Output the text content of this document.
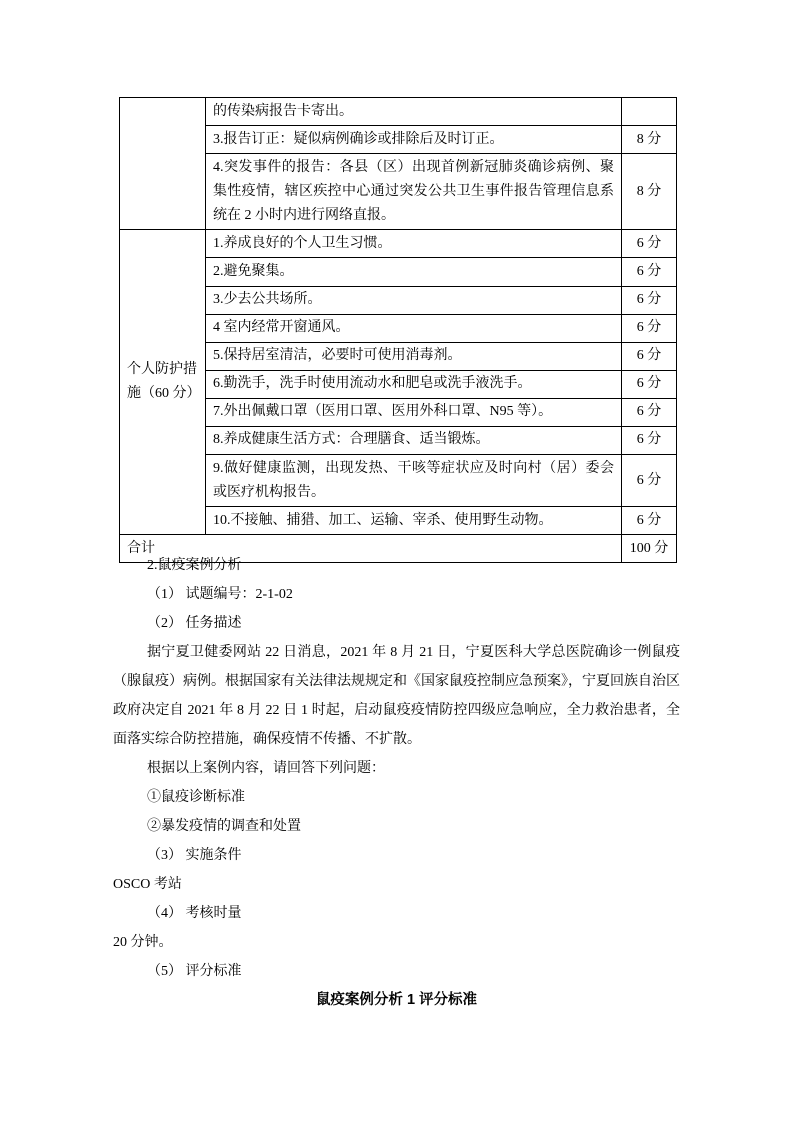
	的传染病报告卡寄出。	
	3.报告订正：疑似病例确诊或排除后及时订正。	8 分
	4.突发事件的报告：各县（区）出现首例新冠肺炎确诊病例、聚集性疫情，辖区疾控中心通过突发公共卫生事件报告管理信息系统在 2 小时内进行网络直报。	8 分
个人防护措施（60 分）	1.养成良好的个人卫生习惯。	6 分
	2.避免聚集。	6 分
	3.少去公共场所。	6 分
	4 室内经常开窗通风。	6 分
	5.保持居室清洁，必要时可使用消毒剂。	6 分
	6.勤洗手，洗手时使用流动水和肥皂或洗手液洗手。	6 分
	7.外出佩戴口罩（医用口罩、医用外科口罩、N95 等）。	6 分
	8.养成健康生活方式：合理膳食、适当锻炼。	6 分
	9.做好健康监测，出现发热、干咳等症状应及时向村（居）委会或医疗机构报告。	6 分
	10.不接触、捕猎、加工、运输、宰杀、使用野生动物。	6 分
合计		100 分

2.鼠疫案例分析

（1） 试题编号：2-1-02

（2） 任务描述

据宁夏卫健委网站 22 日消息，2021 年 8 月 21 日，宁夏医科大学总医院确诊一例鼠疫（腺鼠疫）病例。根据国家有关法律法规规定和《国家鼠疫控制应急预案》，宁夏回族自治区政府决定自 2021 年 8 月 22 日 1 时起，启动鼠疫疫情防控四级应急响应，全力救治患者，全面落实综合防控措施，确保疫情不传播、不扩散。

根据以上案例内容，请回答下列问题：

①鼠疫诊断标准

②暴发疫情的调查和处置

（3） 实施条件

OSCO 考站

（4） 考核时量

20 分钟。

（5） 评分标准

鼠疫案例分析 1 评分标准
